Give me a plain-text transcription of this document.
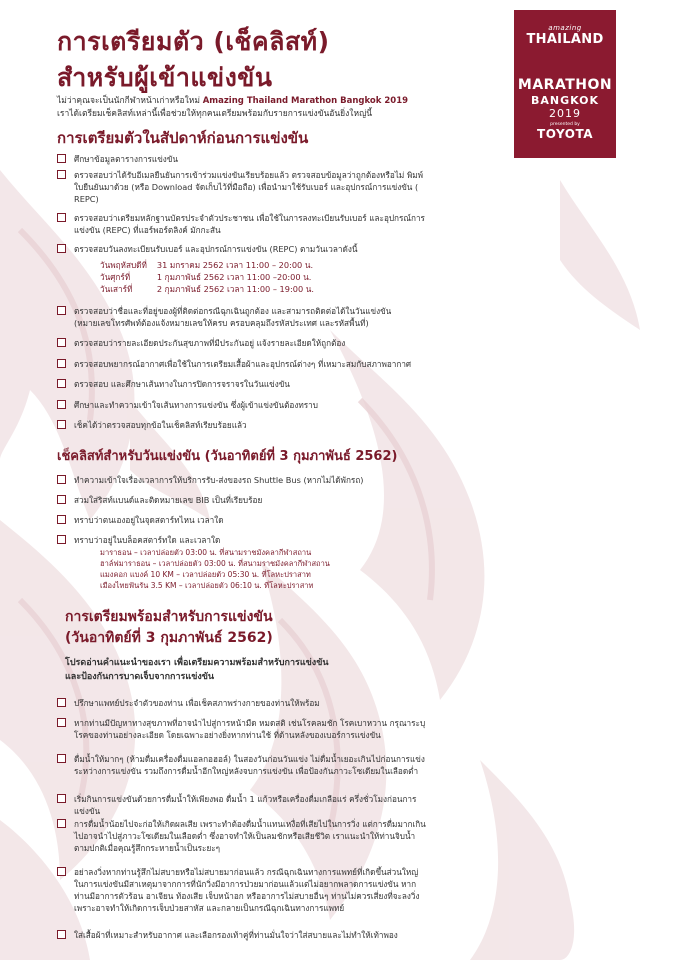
การเตรียมตัว (เช็คลิสท์)
สำหรับผู้เข้าแข่งขัน
ไม่ว่าคุณจะเป็นนักกีฬาหน้าเก่าหรือใหม่ Amazing Thailand Marathon Bangkok 2019
เราได้เตรียมเช็คลิสท์เหล่านี้เพื่อช่วยให้ทุกคนเตรียมพร้อมกับรายการแข่งขันอันยิ่งใหญ่นี้
amazing
THAILAND
MARATHON
BANGKOK
2019
presented by
TOYOTA
การเตรียมตัวในสัปดาห์ก่อนการแข่งขัน
ศึกษาข้อมูลตารางการแข่งขัน
ตรวจสอบว่าได้รับอีเมลยืนยันการเข้าร่วมแข่งขันเรียบร้อยแล้ว ตรวจสอบข้อมูลว่าถูกต้องหรือไม่ พิมพ์ใบยืนยันมาด้วย (หรือ Download จัดเก็บไว้ที่มือถือ) เพื่อนำมาใช้รับเบอร์ และอุปกรณ์การแข่งขัน ( REPC)
ตรวจสอบว่าเตรียมหลักฐานบัตรประจำตัวประชาชน เพื่อใช้ในการลงทะเบียนรับเบอร์ และอุปกรณ์การแข่งขัน (REPC) ที่แอร์พอร์ตลิงค์ มักกะสัน
ตรวจสอบวันลงทะเบียนรับเบอร์ และอุปกรณ์การแข่งขัน (REPC) ตามวันเวลาดังนี้
วันพฤหัสบดีที่	31 มกราคม 2562 เวลา 11:00 – 20:00 น.
วันศุกร์ที่	1 กุมภาพันธ์ 2562 เวลา 11:00 –20:00 น.
วันเสาร์ที่	2 กุมภาพันธ์ 2562 เวลา 11:00 – 19:00 น.
ตรวจสอบว่าชื่อและที่อยู่ของผู้ที่ติดต่อกรณีฉุกเฉินถูกต้อง และสามารถติดต่อได้ในวันแข่งขัน (หมายเลขโทรศัพท์ต้องแจ้งหมายเลขให้ครบ ครอบคลุมถึงรหัสประเทศ และรหัสพื้นที่)
ตรวจสอบว่ารายละเอียดประกันสุขภาพที่มีประกันอยู่ แจ้งรายละเอียดให้ถูกต้อง
ตรวจสอบพยากรณ์อากาศเพื่อใช้ในการเตรียมเสื้อผ้าและอุปกรณ์ต่างๆ ที่เหมาะสมกับสภาพอากาศ
ตรวจสอบ และศึกษาเส้นทางในการปิดการจราจรในวันแข่งขัน
ศึกษาและทำความเข้าใจเส้นทางการแข่งขัน ซึ่งผู้เข้าแข่งขันต้องทราบ
เช็คได้ว่าตรวจสอบทุกข้อในเช็คลิสท์เรียบร้อยแล้ว
เช็คลิสท์สำหรับวันแข่งขัน (วันอาทิตย์ที่ 3 กุมภาพันธ์ 2562)
ทำความเข้าใจเรื่องเวลาการให้บริการรับ-ส่งของรถ Shuttle Bus (หากไม่ได้พักรถ)
สวมใส่ริสท์แบนด์และติดหมายเลข BIB เป็นที่เรียบร้อย
ทราบว่าตนเองอยู่ในจุดสตาร์ทไหน เวลาใด
ทราบว่าอยู่ในบล็อคสตาร์ทใด และเวลาใด
มาราธอน – เวลาปล่อยตัว 03:00 น. ที่สนามราชมังคลากีฬาสถาน
ฮาล์ฟมาราธอน – เวลาปล่อยตัว 03:00 น. ที่สนามราชมังคลากีฬาสถาน
แมงคอก แบงค์ 10 KM – เวลาปล่อยตัว 05:30 น. ที่โลหะปราสาท
เมืองไทยฟันรัน 3.5 KM – เวลาปล่อยตัว 06:10 น. ที่โลหะปราสาท
การเตรียมพร้อมสำหรับการแข่งขัน
(วันอาทิตย์ที่ 3 กุมภาพันธ์ 2562)
โปรดอ่านคำแนะนำของเรา เพื่อเตรียมความพร้อมสำหรับการแข่งขัน
และป้องกันการบาดเจ็บจากการแข่งขัน
ปรึกษาแพทย์ประจำตัวของท่าน เพื่อเช็คสภาพร่างกายของท่านให้พร้อม
หากท่านมีปัญหาทางสุขภาพที่อาจนำไปสู่การหน้ามืด หมดสติ เช่นโรคลมชัก โรคเบาหวาน กรุณาระบุ โรคของท่านอย่างละเอียด โดยเฉพาะอย่างยิ่งหากท่านใช้ ที่ด้านหลังของเบอร์การแข่งขัน
ดื่มน้ำให้มากๆ (ห้ามดื่มเครื่องดื่มแอลกอฮอล์) ในสองวันก่อนวันแข่ง ไม่ดื่มน้ำเยอะเกินไปก่อนการแข่ง ระหว่างการแข่งขัน รวมถึงการดื่มน้ำอีกใหญ่หลังจบการแข่งขัน เพื่อป้องกันภาวะโซเดียมในเลือดต่ำ
เริ่มกินการแข่งขันด้วยการดื่มน้ำให้เพียงพอ ดื่มน้ำ 1 แก้วหรือเครื่องดื่มเกลือแร่ ครึ่งชั่วโมงก่อนการแข่งขัน
การดื่มน้ำน้อยไปจะก่อให้เกิดผลเสีย เพราะทำต้องดื่มน้ำแทนเหงื่อที่เสียไปในการวิ่ง แต่การดื่มมากเกินไปอาจนำไปสู่ภาวะโซเดียมในเลือดต่ำ ซึ่งอาจทำให้เป็นลมชักหรือเสียชีวิต เราแนะนำให้ท่านจิบน้ำตามปกติเมื่อคุณรู้สึกกระหายน้ำเป็นระยะๆ
อย่าลงวิ่งหากท่านรู้สึกไม่สบายหรือไม่สบายมาก่อนแล้ว กรณีฉุกเฉินทางการแพทย์ที่เกิดขึ้นส่วนใหญ่ ในการแข่งขันมีสาเหตุมาจากการที่นักวิ่งมีอาการป่วยมาก่อนแล้วแต่ไม่อยากพลาดการแข่งขัน หากท่านมีอาการตัวร้อน อาเจียน ท้องเสีย เจ็บหน้าอก หรืออาการไม่สบายอื่นๆ ท่านไม่ควรเสี่ยงที่จะลงวิ่งเพราะอาจทำให้เกิดการเจ็บป่วยสาหัส และกลายเป็นกรณีฉุกเฉินทางการแพทย์
ใส่เสื้อผ้าที่เหมาะสำหรับอากาศ และเลือกรองเท้าคู่ที่ท่านมั่นใจว่าใส่สบายและไม่ทำให้เท้าพอง
